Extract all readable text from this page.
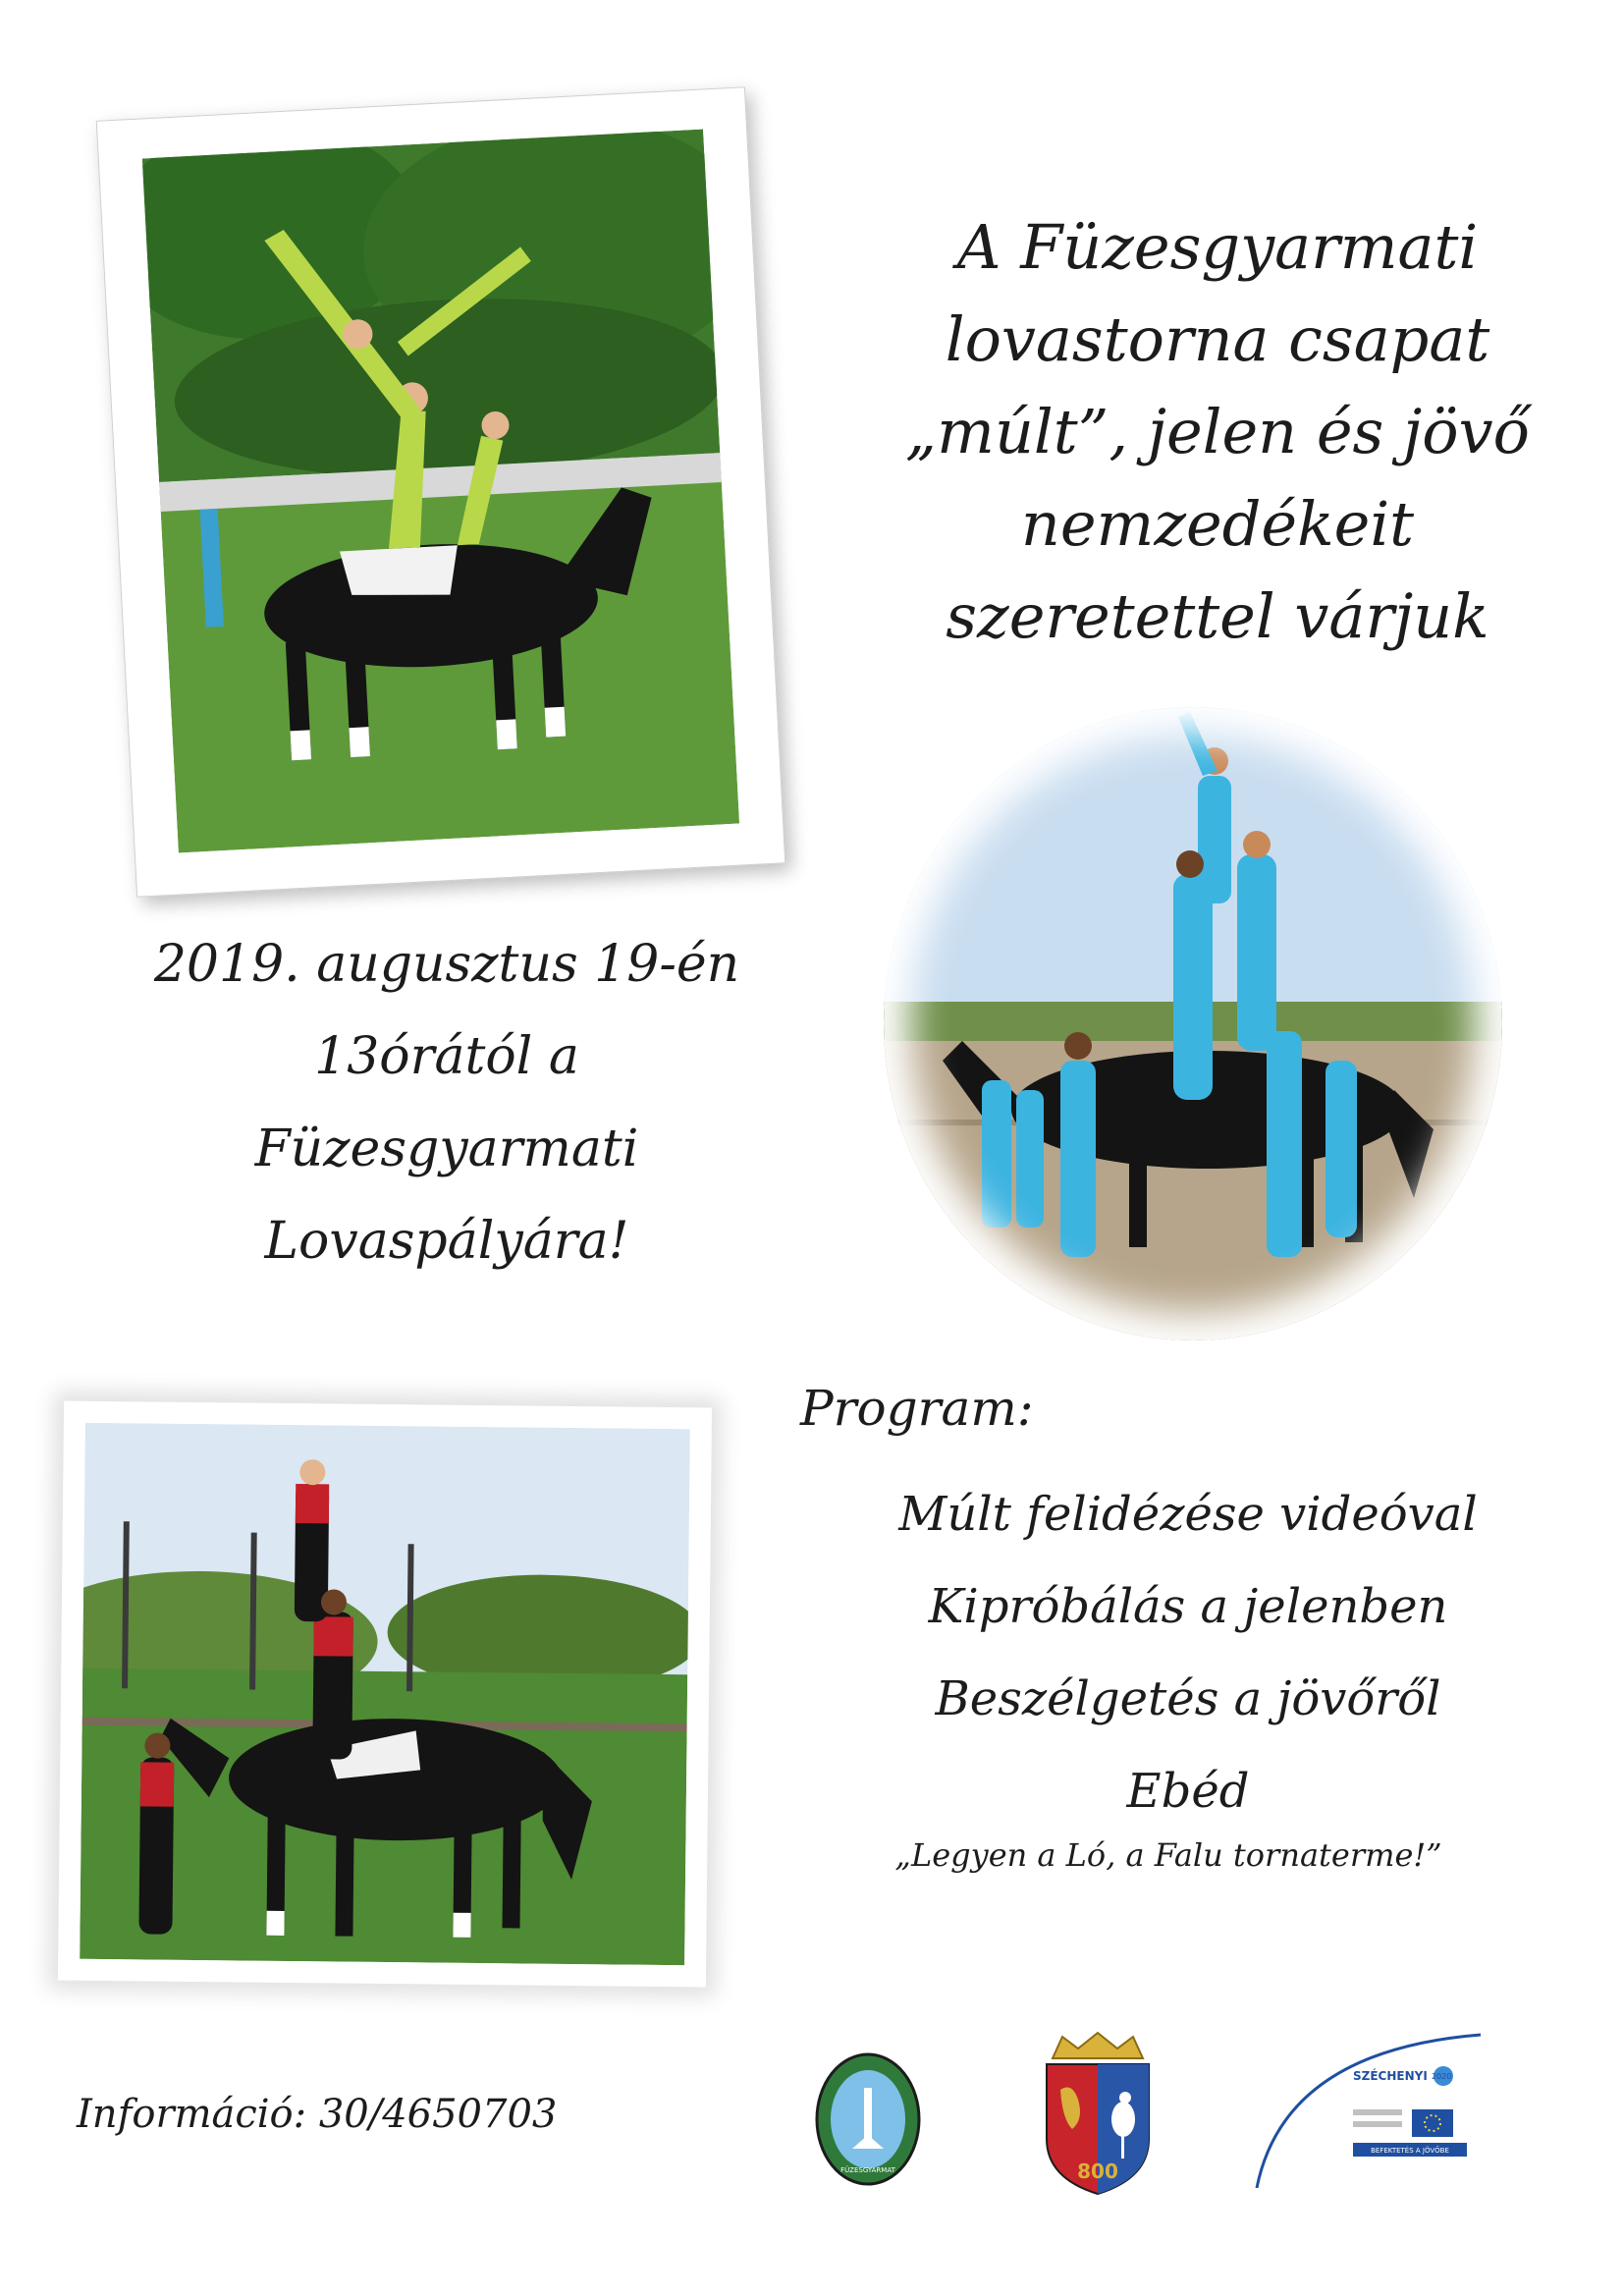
A Füzesgyarmati
lovastorna csapat
„múlt”, jelen és jövő
nemzedékeit
szeretettel várjuk
2019. augusztus 19-én
13órától a
Füzesgyarmati
Lovaspályára!
Program:
Múlt felidézése videóval
Kipróbálás a jelenben
Beszélgetés a jövőről
Ebéd
„Legyen a Ló, a Falu tornaterme!”
Információ: 30/4650703
FÜZESGYARMAT	800
SZÉCHENYI 2020
BEFEKTETÉS A JÖVŐBE
